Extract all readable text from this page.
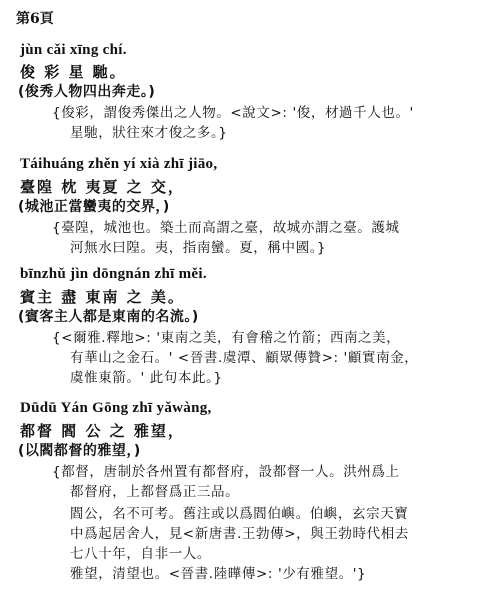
第6頁
jùn cǎi xīng chí.
俊 彩 星 馳。
(俊秀人物四出奔走。)
{俊彩，謂俊秀傑出之人物。<說文>: '俊，材過千人也。'
星馳，狀往來才俊之多。}
Táihuáng zhěn yí xià zhī jiāo,
臺隍 枕 夷夏 之 交，
(城池正當蠻夷的交界，)
{臺隍，城池也。築土而高謂之臺，故城亦謂之臺。護城
河無水曰隍。夷，指南蠻。夏，稱中國。}
bīnzhǔ jìn dōngnán zhī měi.
賓主 盡 東南 之 美。
(賓客主人都是東南的名流。)
{<爾雅.釋地>: '東南之美，有會稽之竹箭；西南之美，
有華山之金石。' <晉書.虞潭、顧眾傳贊>: '顧實南金，
虞惟東箭。' 此句本此。}
Dūdū Yán Gōng zhī yǎwàng,
都督 閻 公 之 雅望，
(以閻都督的雅望，)
{都督，唐制於各州置有都督府，設都督一人。洪州爲上
都督府，上都督爲正三品。
閻公，名不可考。舊注或以爲閻伯嶼。伯嶼，玄宗天寶
中爲起居舍人，見<新唐書.王勃傳>，與王勃時代相去
七八十年，自非一人。
雅望，清望也。<晉書.陸曄傳>: '少有雅望。'}
